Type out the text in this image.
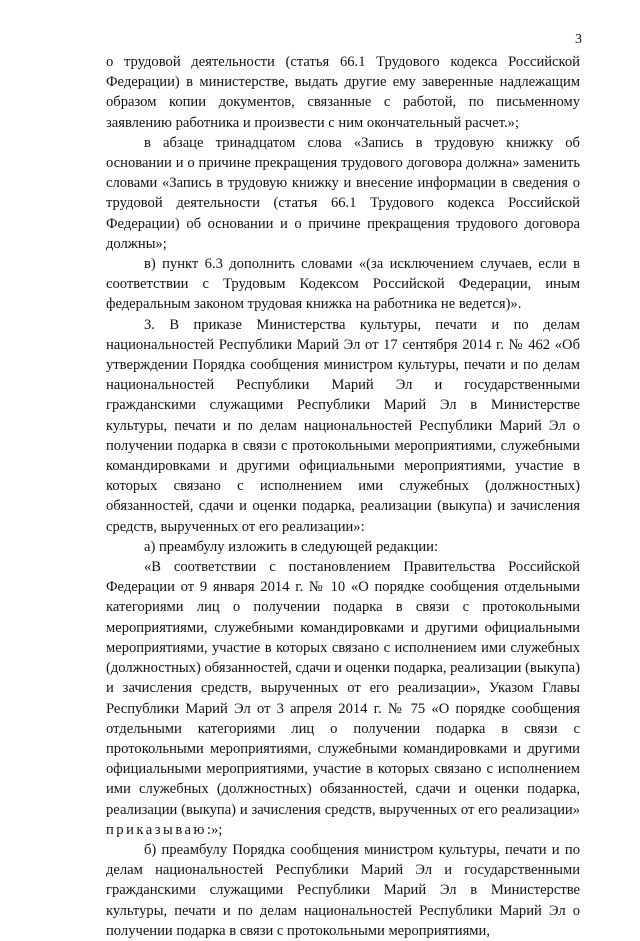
3

о трудовой деятельности (статья 66.1 Трудового кодекса Российской Федерации) в министерстве, выдать другие ему заверенные надлежащим образом копии документов, связанные с работой, по письменному заявлению работника и произвести с ним окончательный расчет.»;

в абзаце тринадцатом слова «Запись в трудовую книжку об основании и о причине прекращения трудового договора должна» заменить словами «Запись в трудовую книжку и внесение информации в сведения о трудовой деятельности (статья 66.1 Трудового кодекса Российской Федерации) об основании и о причине прекращения трудового договора должны»;

в) пункт 6.3 дополнить словами «(за исключением случаев, если в соответствии с Трудовым Кодексом Российской Федерации, иным федеральным законом трудовая книжка на работника не ведется)».

3. В приказе Министерства культуры, печати и по делам национальностей Республики Марий Эл от 17 сентября 2014 г. № 462 «Об утверждении Порядка сообщения министром культуры, печати и по делам национальностей Республики Марий Эл и государственными гражданскими служащими Республики Марий Эл в Министерстве культуры, печати и по делам национальностей Республики Марий Эл о получении подарка в связи с протокольными мероприятиями, служебными командировками и другими официальными мероприятиями, участие в которых связано с исполнением ими служебных (должностных) обязанностей, сдачи и оценки подарка, реализации (выкупа) и зачисления средств, вырученных от его реализации»:

а) преамбулу изложить в следующей редакции:

«В соответствии с постановлением Правительства Российской Федерации от 9 января 2014 г. № 10 «О порядке сообщения отдельными категориями лиц о получении подарка в связи с протокольными мероприятиями, служебными командировками и другими официальными мероприятиями, участие в которых связано с исполнением ими служебных (должностных) обязанностей, сдачи и оценки подарка, реализации (выкупа) и зачисления средств, вырученных от его реализации», Указом Главы Республики Марий Эл от 3 апреля 2014 г. № 75 «О порядке сообщения отдельными категориями лиц о получении подарка в связи с протокольными мероприятиями, служебными командировками и другими официальными мероприятиями, участие в которых связано с исполнением ими служебных (должностных) обязанностей, сдачи и оценки подарка, реализации (выкупа) и зачисления средств, вырученных от его реализации» приказываю:»;

б) преамбулу Порядка сообщения министром культуры, печати и по делам национальностей Республики Марий Эл и государственными гражданскими служащими Республики Марий Эл в Министерстве культуры, печати и по делам национальностей Республики Марий Эл о получении подарка в связи с протокольными мероприятиями,
